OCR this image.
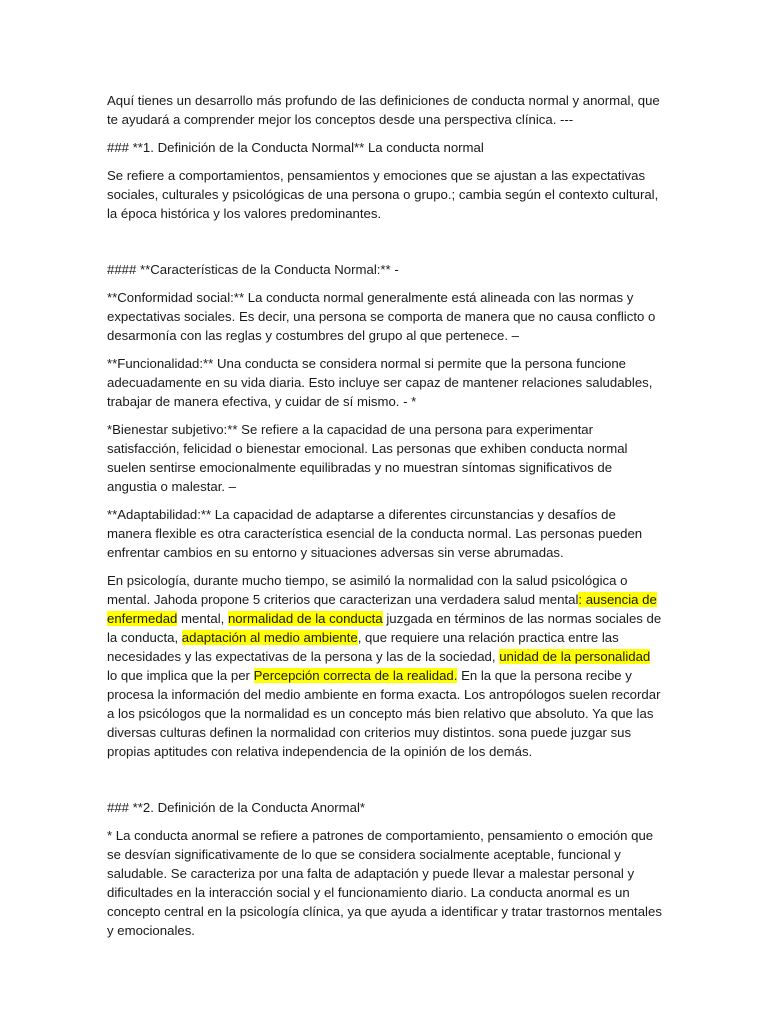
Aquí tienes un desarrollo más profundo de las definiciones de conducta normal y anormal, que te ayudará a comprender mejor los conceptos desde una perspectiva clínica. ---

### **1. Definición de la Conducta Normal** La conducta normal

Se refiere a comportamientos, pensamientos y emociones que se ajustan a las expectativas sociales, culturales y psicológicas de una persona o grupo.; cambia según el contexto cultural, la época histórica y los valores predominantes.

#### **Características de la Conducta Normal:** -

**Conformidad social:** La conducta normal generalmente está alineada con las normas y expectativas sociales. Es decir, una persona se comporta de manera que no causa conflicto o desarmonía con las reglas y costumbres del grupo al que pertenece. –

**Funcionalidad:** Una conducta se considera normal si permite que la persona funcione adecuadamente en su vida diaria. Esto incluye ser capaz de mantener relaciones saludables, trabajar de manera efectiva, y cuidar de sí mismo. - *

*Bienestar subjetivo:** Se refiere a la capacidad de una persona para experimentar satisfacción, felicidad o bienestar emocional. Las personas que exhiben conducta normal suelen sentirse emocionalmente equilibradas y no muestran síntomas significativos de angustia o malestar. –

**Adaptabilidad:** La capacidad de adaptarse a diferentes circunstancias y desafíos de manera flexible es otra característica esencial de la conducta normal. Las personas pueden enfrentar cambios en su entorno y situaciones adversas sin verse abrumadas.

En psicología, durante mucho tiempo, se asimiló la normalidad con la salud psicológica o mental. Jahoda propone 5 criterios que caracterizan una verdadera salud mental: ausencia de enfermedad mental, normalidad de la conducta juzgada en términos de las normas sociales de la conducta, adaptación al medio ambiente, que requiere una relación practica entre las necesidades y las expectativas de la persona y las de la sociedad, unidad de la personalidad lo que implica que la per Percepción correcta de la realidad. En la que la persona recibe y procesa la información del medio ambiente en forma exacta. Los antropólogos suelen recordar a los psicólogos que la normalidad es un concepto más bien relativo que absoluto. Ya que las diversas culturas definen la normalidad con criterios muy distintos. sona puede juzgar sus propias aptitudes con relativa independencia de la opinión de los demás.

### **2. Definición de la Conducta Anormal*

* La conducta anormal se refiere a patrones de comportamiento, pensamiento o emoción que se desvían significativamente de lo que se considera socialmente aceptable, funcional y saludable. Se caracteriza por una falta de adaptación y puede llevar a malestar personal y dificultades en la interacción social y el funcionamiento diario. La conducta anormal es un concepto central en la psicología clínica, ya que ayuda a identificar y tratar trastornos mentales y emocionales.
